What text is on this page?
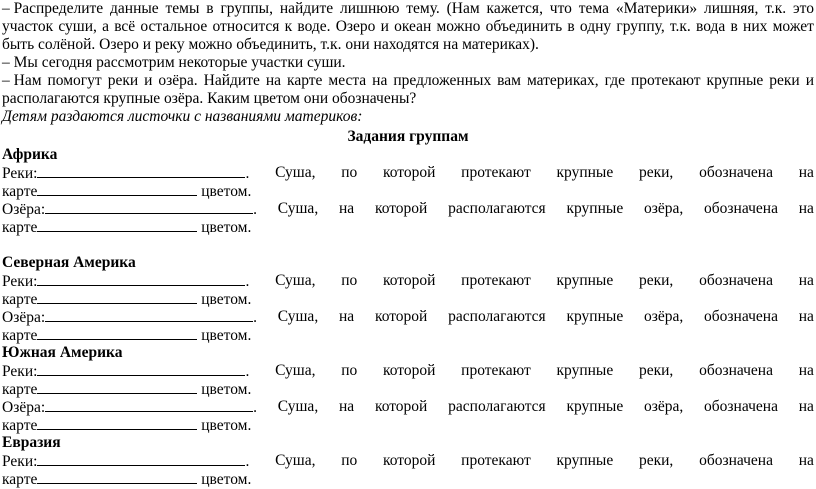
– Распределите данные темы в группы, найдите лишнюю тему. (Нам кажется, что тема «Материки» лишняя, т.к. это
участок суши, а всё остальное относится к воде. Озеро и океан можно объединить в одну группу, т.к. вода в них может
быть солёной. Озеро и реку можно объединить, т.к. они находятся на материках).
– Мы сегодня рассмотрим некоторые участки суши.
– Нам помогут реки и озёра. Найдите на карте места на предложенных вам материках, где протекают крупные реки и
располагаются крупные озёра. Каким цветом они обозначены?
Детям раздаются листочки с названиями материков:
Задания группам
Африка
Реки:	. Суша, по которой протекают крупные реки, обозначена на
карте	цветом.
Озёра:	. Суша, на которой располагаются крупные озёра, обозначена на
карте	цветом.
Северная Америка
Реки:	. Суша, по которой протекают крупные реки, обозначена на
карте	цветом.
Озёра:	. Суша, на которой располагаются крупные озёра, обозначена на
карте	цветом.
Южная Америка
Реки:	. Суша, по которой протекают крупные реки, обозначена на
карте	цветом.
Озёра:	. Суша, на которой располагаются крупные озёра, обозначена на
карте	цветом.
Евразия
Реки:	. Суша, по которой протекают крупные реки, обозначена на
карте	цветом.
